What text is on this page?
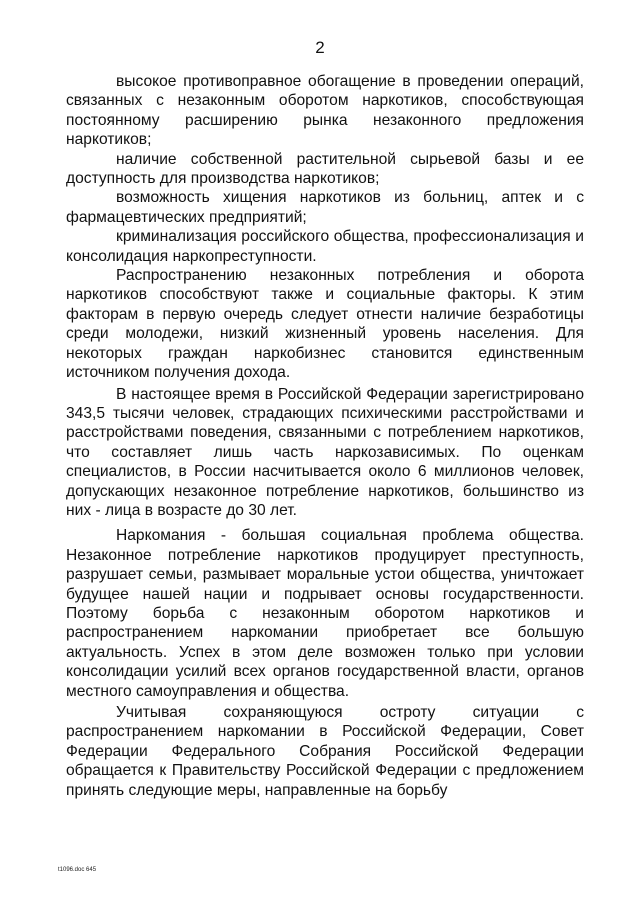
2

высокое противоправное обогащение в проведении операций, связанных с незаконным оборотом наркотиков, способствующая постоянному расширению рынка незаконного предложения наркотиков;

наличие собственной растительной сырьевой базы и ее доступность для производства наркотиков;

возможность хищения наркотиков из больниц, аптек и с фармацевтических предприятий;

криминализация российского общества, профессионализация и консолидация наркопреступности.

Распространению незаконных потребления и оборота наркотиков способствуют также и социальные факторы. К этим факторам в первую очередь следует отнести наличие безработицы среди молодежи, низкий жизненный уровень населения. Для некоторых граждан наркобизнес становится единственным источником получения дохода.

В настоящее время в Российской Федерации зарегистрировано 343,5 тысячи человек, страдающих психическими расстройствами и расстройствами поведения, связанными с потреблением наркотиков, что составляет лишь часть наркозависимых. По оценкам специалистов, в России насчитывается около 6 миллионов человек, допускающих незаконное потребление наркотиков, большинство из них - лица в возрасте до 30 лет.

Наркомания - большая социальная проблема общества. Незаконное потребление наркотиков продуцирует преступность, разрушает семьи, размывает моральные устои общества, уничтожает будущее нашей нации и подрывает основы государственности. Поэтому борьба с незаконным оборотом наркотиков и распространением наркомании приобретает все большую актуальность. Успех в этом деле возможен только при условии консолидации усилий всех органов государственной власти, органов местного самоуправления и общества.

Учитывая сохраняющуюся остроту ситуации с распространением наркомании в Российской Федерации, Совет Федерации Федерального Собрания Российской Федерации обращается к Правительству Российской Федерации с предложением принять следующие меры, направленные на борьбу

t1096.doc 645
